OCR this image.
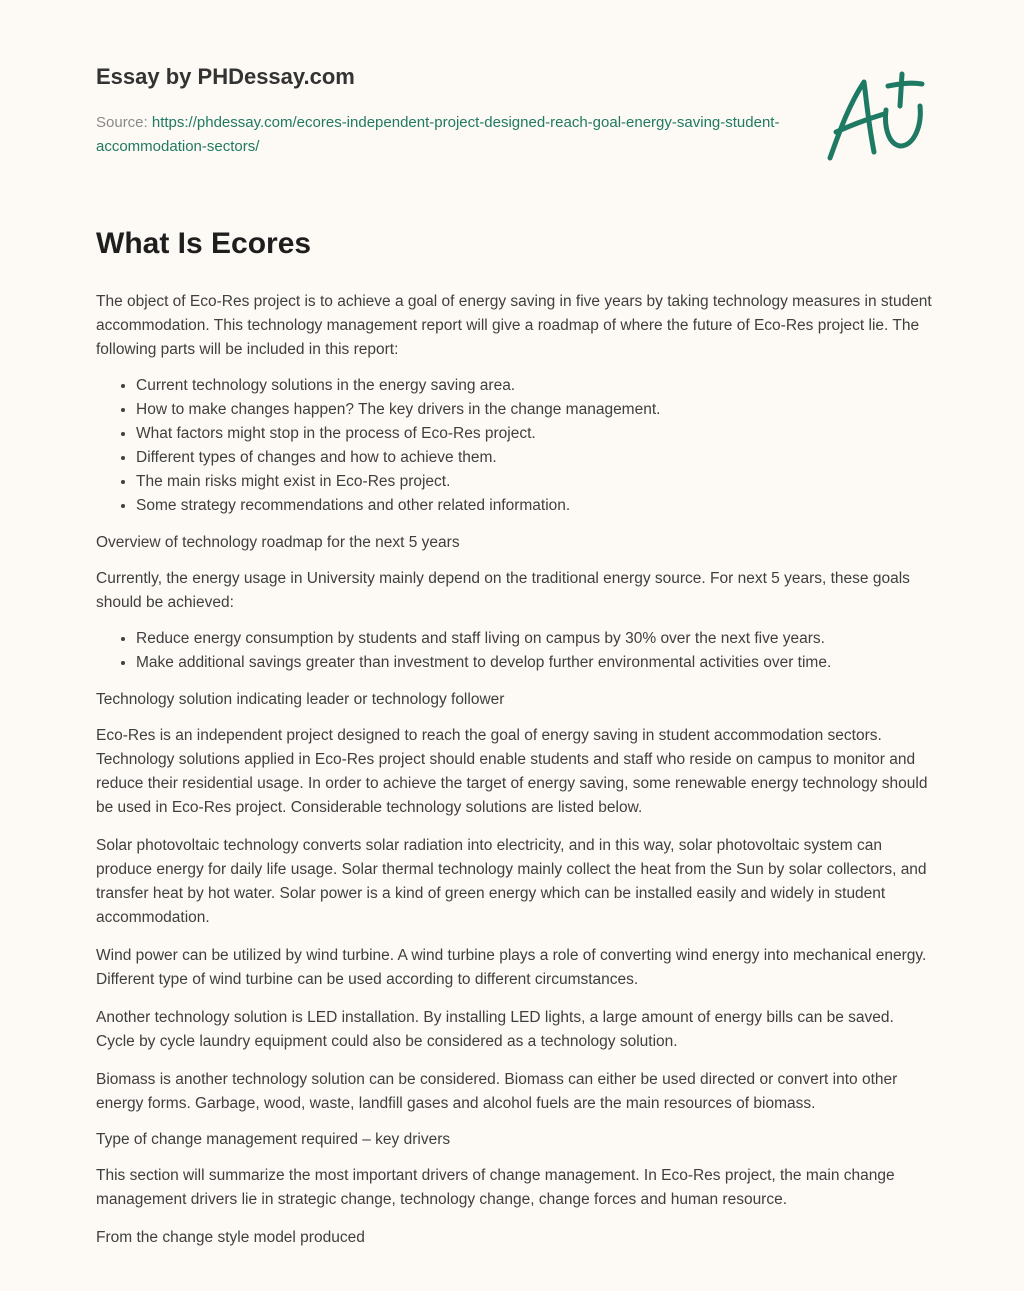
Essay by PHDessay.com
Source: https://phdessay.com/ecores-independent-project-designed-reach-goal-energy-saving-student-accommodation-sectors/
What Is Ecores

The object of Eco-Res project is to achieve a goal of energy saving in five years by taking technology measures in student accommodation. This technology management report will give a roadmap of where the future of Eco-Res project lie. The following parts will be included in this report:

• Current technology solutions in the energy saving area.
• How to make changes happen? The key drivers in the change management.
• What factors might stop in the process of Eco-Res project.
• Different types of changes and how to achieve them.
• The main risks might exist in Eco-Res project.
• Some strategy recommendations and other related information.

Overview of technology roadmap for the next 5 years

Currently, the energy usage in University mainly depend on the traditional energy source. For next 5 years, these goals should be achieved:

• Reduce energy consumption by students and staff living on campus by 30% over the next five years.
• Make additional savings greater than investment to develop further environmental activities over time.

Technology solution indicating leader or technology follower

Eco-Res is an independent project designed to reach the goal of energy saving in student accommodation sectors. Technology solutions applied in Eco-Res project should enable students and staff who reside on campus to monitor and reduce their residential usage. In order to achieve the target of energy saving, some renewable energy technology should be used in Eco-Res project. Considerable technology solutions are listed below.

Solar photovoltaic technology converts solar radiation into electricity, and in this way, solar photovoltaic system can produce energy for daily life usage. Solar thermal technology mainly collect the heat from the Sun by solar collectors, and transfer heat by hot water. Solar power is a kind of green energy which can be installed easily and widely in student accommodation.

Wind power can be utilized by wind turbine. A wind turbine plays a role of converting wind energy into mechanical energy. Different type of wind turbine can be used according to different circumstances.

Another technology solution is LED installation. By installing LED lights, a large amount of energy bills can be saved. Cycle by cycle laundry equipment could also be considered as a technology solution.

Biomass is another technology solution can be considered. Biomass can either be used directed or convert into other energy forms. Garbage, wood, waste, landfill gases and alcohol fuels are the main resources of biomass.

Type of change management required – key drivers

This section will summarize the most important drivers of change management. In Eco-Res project, the main change management drivers lie in strategic change, technology change, change forces and human resource.

From the change style model produced
